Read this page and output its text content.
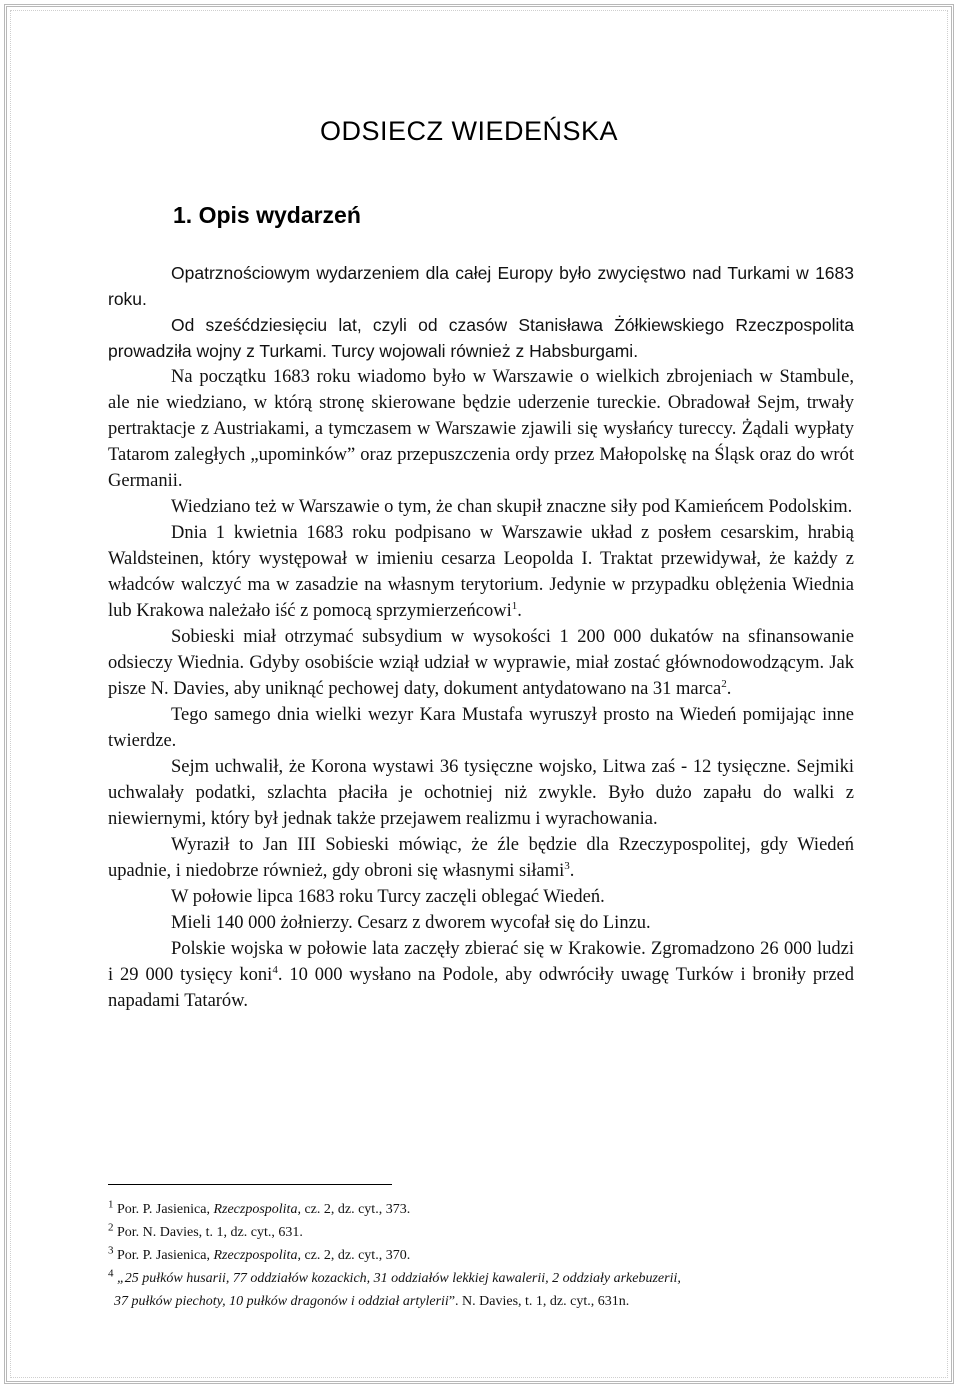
ODSIECZ WIEDEŃSKA
1. Opis wydarzeń

Opatrznościowym wydarzeniem dla całej Europy było zwycięstwo nad Turkami w 1683 roku.

Od sześćdziesięciu lat, czyli od czasów Stanisława Żółkiewskiego Rzeczpospolita prowadziła wojny z Turkami. Turcy wojowali również z Habsburgami.

Na początku 1683 roku wiadomo było w Warszawie o wielkich zbrojeniach w Stambule, ale nie wiedziano, w którą stronę skierowane będzie uderzenie tureckie. Obradował Sejm, trwały pertraktacje z Austriakami, a tymczasem w Warszawie zjawili się wysłańcy tureccy. Żądali wypłaty Tatarom zaległych „upominków” oraz przepuszczenia ordy przez Małopolskę na Śląsk oraz do wrót Germanii.

Wiedziano też w Warszawie o tym, że chan skupił znaczne siły pod Kamieńcem Podolskim.

Dnia 1 kwietnia 1683 roku podpisano w Warszawie układ z posłem cesarskim, hrabią Waldsteinen, który występował w imieniu cesarza Leopolda I. Traktat przewidywał, że każdy z władców walczyć ma w zasadzie na własnym terytorium. Jedynie w przypadku oblężenia Wiednia lub Krakowa należało iść z pomocą sprzymierzeńcowi$^1$.

Sobieski miał otrzymać subsydium w wysokości 1 200 000 dukatów na sfinansowanie odsieczy Wiednia. Gdyby osobiście wziął udział w wyprawie, miał zostać głównodowodzącym. Jak pisze N. Davies, aby uniknąć pechowej daty, dokument antydatowano na 31 marca$^2$.

Tego samego dnia wielki wezyr Kara Mustafa wyruszył prosto na Wiedeń pomijając inne twierdze.

Sejm uchwalił, że Korona wystawi 36 tysięczne wojsko, Litwa zaś - 12 tysięczne. Sejmiki uchwalały podatki, szlachta płaciła je ochotniej niż zwykle. Było dużo zapału do walki z niewiernymi, który był jednak także przejawem realizmu i wyrachowania.

Wyraził to Jan III Sobieski mówiąc, że źle będzie dla Rzeczypospolitej, gdy Wiedeń upadnie, i niedobrze również, gdy obroni się własnymi siłami$^3$.

W połowie lipca 1683 roku Turcy zaczęli oblegać Wiedeń.

Mieli 140 000 żołnierzy. Cesarz z dworem wycofał się do Linzu.

Polskie wojska w połowie lata zaczęły zbierać się w Krakowie. Zgromadzono 26 000 ludzi i 29 000 tysięcy koni$^4$. 10 000 wysłano na Podole, aby odwróciły uwagę Turków i broniły przed napadami Tatarów.

$^1$ Por. P. Jasienica, Rzeczpospolita, cz. 2, dz. cyt., 373.
$^2$ Por. N. Davies, t. 1, dz. cyt., 631.
$^3$ Por. P. Jasienica, Rzeczpospolita, cz. 2, dz. cyt., 370.
$^4$ „25 pułków husarii, 77 oddziałów kozackich, 31 oddziałów lekkiej kawalerii, 2 oddziały arkebuzerii,
37 pułków piechoty, 10 pułków dragonów i oddział artylerii”. N. Davies, t. 1, dz. cyt., 631n.
